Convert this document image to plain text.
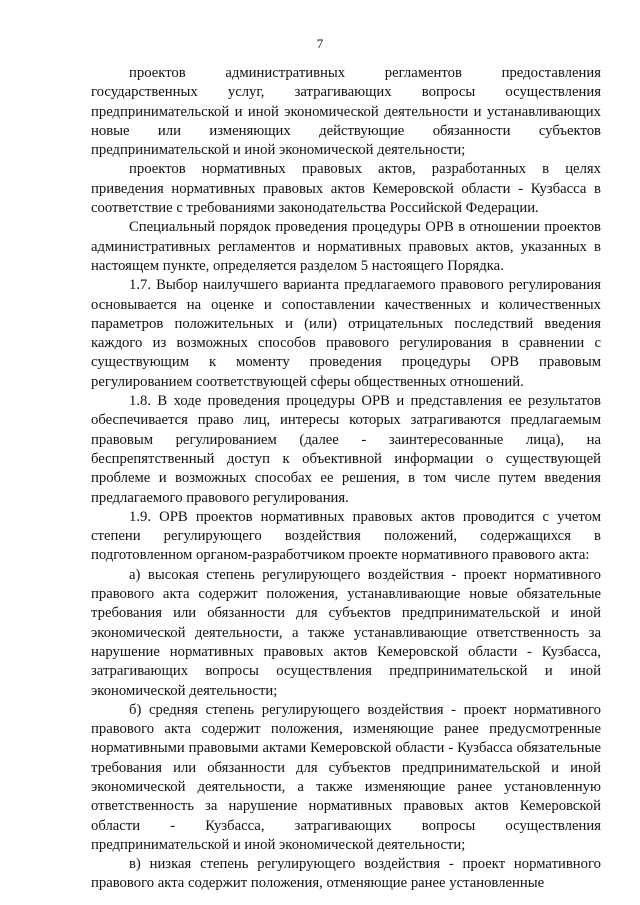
7

проектов административных регламентов предоставления государственных услуг, затрагивающих вопросы осуществления предпринимательской и иной экономической деятельности и устанавливающих новые или изменяющих действующие обязанности субъектов предпринимательской и иной экономической деятельности;

проектов нормативных правовых актов, разработанных в целях приведения нормативных правовых актов Кемеровской области - Кузбасса в соответствие с требованиями законодательства Российской Федерации.

Специальный порядок проведения процедуры ОРВ в отношении проектов административных регламентов и нормативных правовых актов, указанных в настоящем пункте, определяется разделом 5 настоящего Порядка.

1.7. Выбор наилучшего варианта предлагаемого правового регулирования основывается на оценке и сопоставлении качественных и количественных параметров положительных и (или) отрицательных последствий введения каждого из возможных способов правового регулирования в сравнении с существующим к моменту проведения процедуры ОРВ правовым регулированием соответствующей сферы общественных отношений.

1.8. В ходе проведения процедуры ОРВ и представления ее результатов обеспечивается право лиц, интересы которых затрагиваются предлагаемым правовым регулированием (далее - заинтересованные лица), на беспрепятственный доступ к объективной информации о существующей проблеме и возможных способах ее решения, в том числе путем введения предлагаемого правового регулирования.

1.9. ОРВ проектов нормативных правовых актов проводится с учетом степени регулирующего воздействия положений, содержащихся в подготовленном органом-разработчиком проекте нормативного правового акта:

а) высокая степень регулирующего воздействия - проект нормативного правового акта содержит положения, устанавливающие новые обязательные требования или обязанности для субъектов предпринимательской и иной экономической деятельности, а также устанавливающие ответственность за нарушение нормативных правовых актов Кемеровской области - Кузбасса, затрагивающих вопросы осуществления предпринимательской и иной экономической деятельности;

б) средняя степень регулирующего воздействия - проект нормативного правового акта содержит положения, изменяющие ранее предусмотренные нормативными правовыми актами Кемеровской области - Кузбасса обязательные требования или обязанности для субъектов предпринимательской и иной экономической деятельности, а также изменяющие ранее установленную ответственность за нарушение нормативных правовых актов Кемеровской области - Кузбасса, затрагивающих вопросы осуществления предпринимательской и иной экономической деятельности;

в) низкая степень регулирующего воздействия - проект нормативного правового акта содержит положения, отменяющие ранее установленные
